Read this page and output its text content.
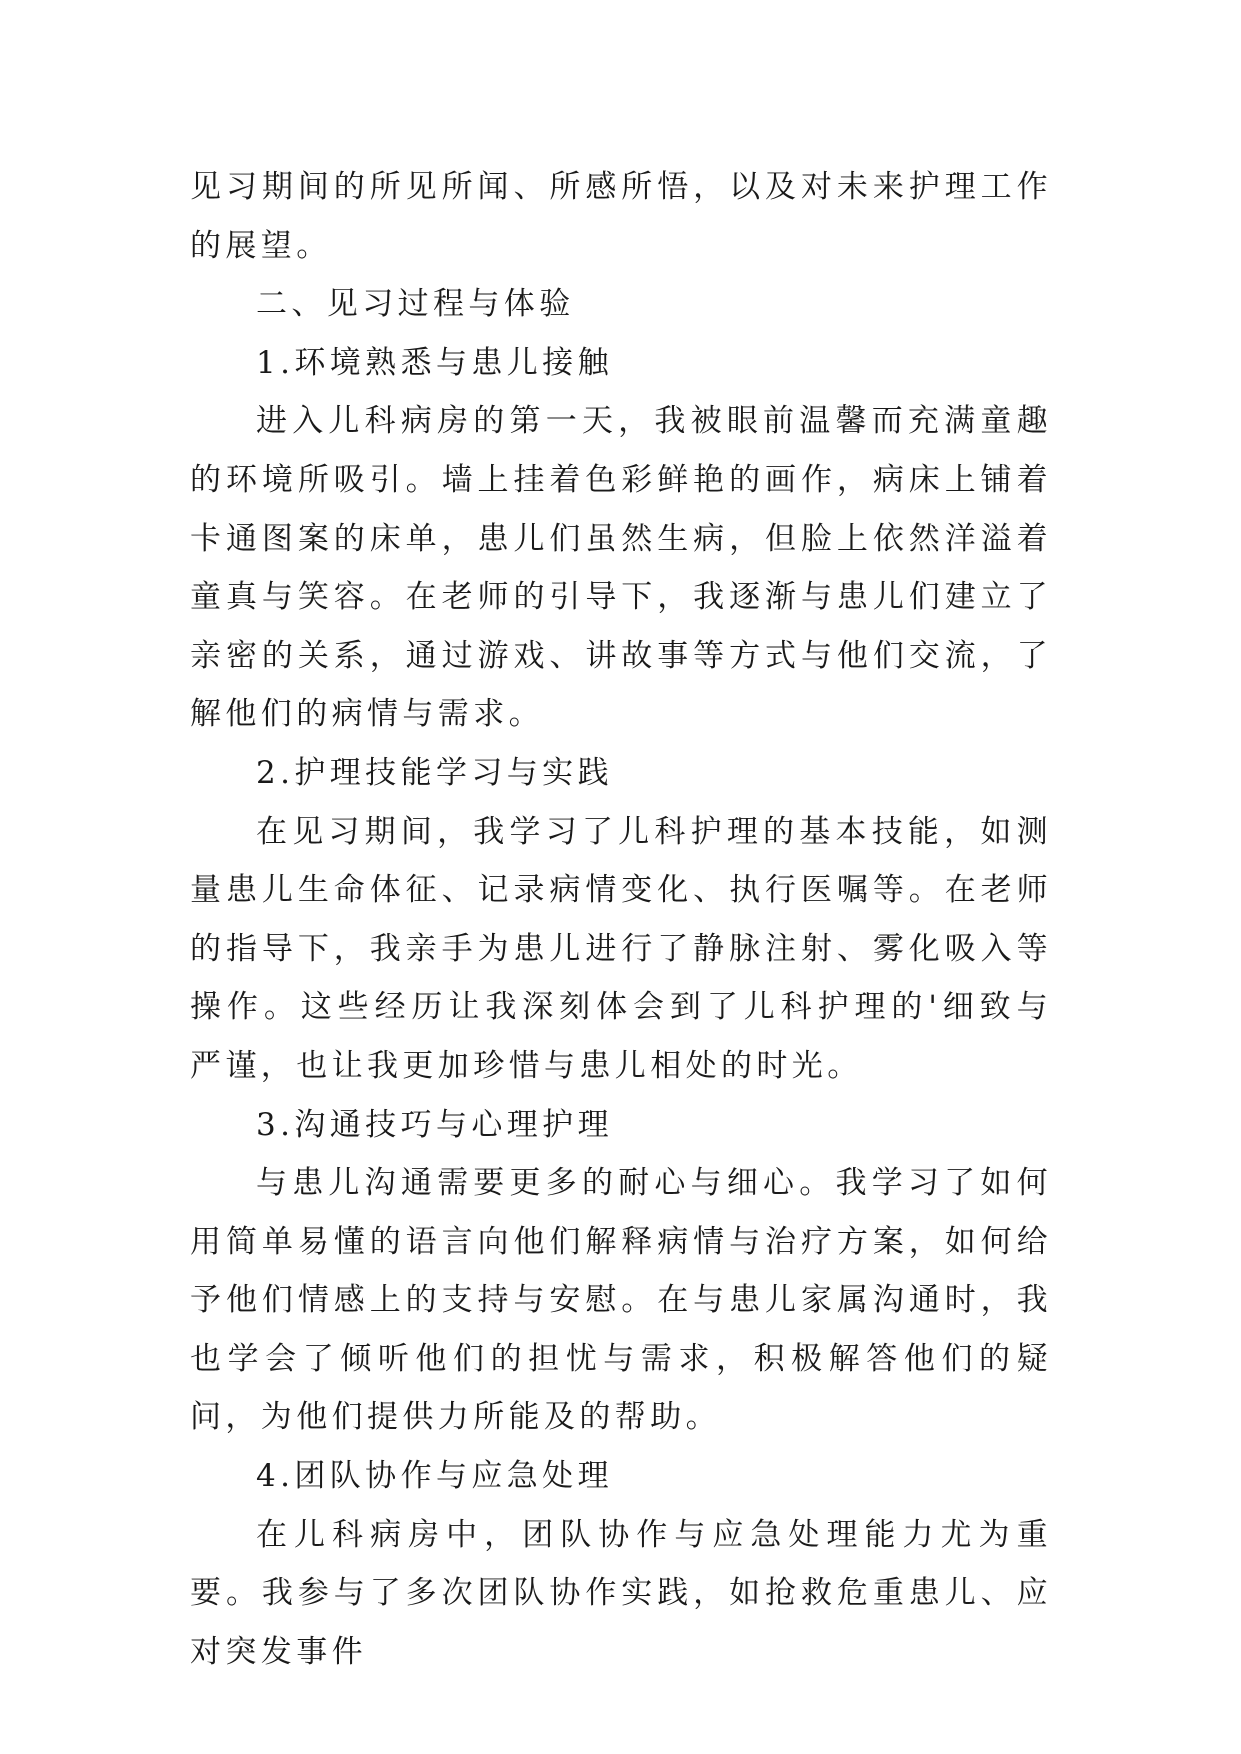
见习期间的所见所闻、所感所悟，以及对未来护理工作的展望。

二、见习过程与体验

1.环境熟悉与患儿接触

进入儿科病房的第一天，我被眼前温馨而充满童趣的环境所吸引。墙上挂着色彩鲜艳的画作，病床上铺着卡通图案的床单，患儿们虽然生病，但脸上依然洋溢着童真与笑容。在老师的引导下，我逐渐与患儿们建立了亲密的关系，通过游戏、讲故事等方式与他们交流，了解他们的病情与需求。

2.护理技能学习与实践

在见习期间，我学习了儿科护理的基本技能，如测量患儿生命体征、记录病情变化、执行医嘱等。在老师的指导下，我亲手为患儿进行了静脉注射、雾化吸入等操作。这些经历让我深刻体会到了儿科护理的'细致与严谨，也让我更加珍惜与患儿相处的时光。

3.沟通技巧与心理护理

与患儿沟通需要更多的耐心与细心。我学习了如何用简单易懂的语言向他们解释病情与治疗方案，如何给予他们情感上的支持与安慰。在与患儿家属沟通时，我也学会了倾听他们的担忧与需求，积极解答他们的疑问，为他们提供力所能及的帮助。

4.团队协作与应急处理

在儿科病房中，团队协作与应急处理能力尤为重要。我参与了多次团队协作实践，如抢救危重患儿、应对突发事件
